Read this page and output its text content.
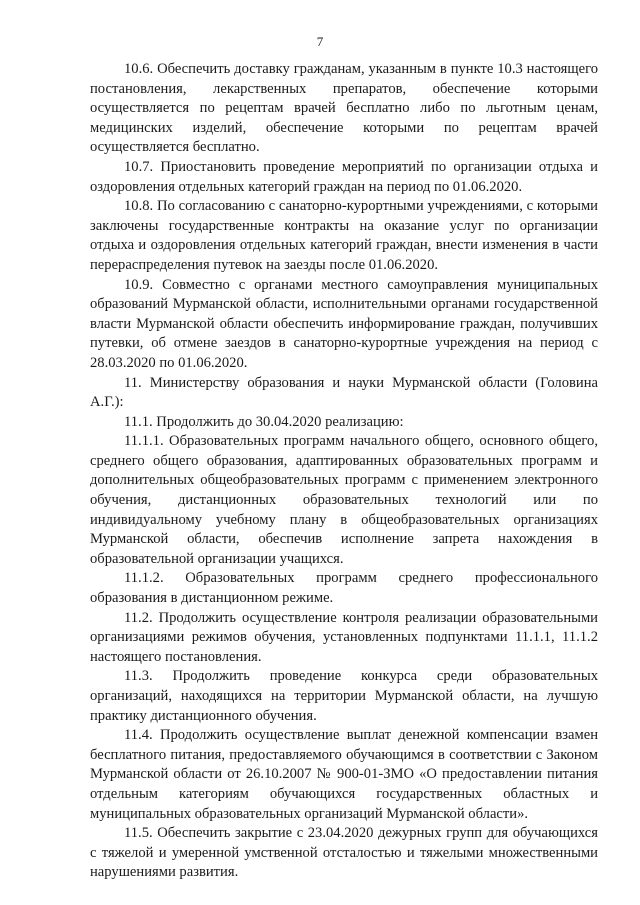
7

10.6. Обеспечить доставку гражданам, указанным в пункте 10.3 настоящего постановления, лекарственных препаратов, обеспечение которыми осуществляется по рецептам врачей бесплатно либо по льготным ценам, медицинских изделий, обеспечение которыми по рецептам врачей осуществляется бесплатно.

10.7. Приостановить проведение мероприятий по организации отдыха и оздоровления отдельных категорий граждан на период по 01.06.2020.

10.8. По согласованию с санаторно-курортными учреждениями, с которыми заключены государственные контракты на оказание услуг по организации отдыха и оздоровления отдельных категорий граждан, внести изменения в части перераспределения путевок на заезды после 01.06.2020.

10.9. Совместно с органами местного самоуправления муниципальных образований Мурманской области, исполнительными органами государственной власти Мурманской области обеспечить информирование граждан, получивших путевки, об отмене заездов в санаторно-курортные учреждения на период с 28.03.2020 по 01.06.2020.

11. Министерству образования и науки Мурманской области (Головина А.Г.):

11.1. Продолжить до 30.04.2020 реализацию:

11.1.1. Образовательных программ начального общего, основного общего, среднего общего образования, адаптированных образовательных программ и дополнительных общеобразовательных программ с применением электронного обучения, дистанционных образовательных технологий или по индивидуальному учебному плану в общеобразовательных организациях Мурманской области, обеспечив исполнение запрета нахождения в образовательной организации учащихся.

11.1.2. Образовательных программ среднего профессионального образования в дистанционном режиме.

11.2. Продолжить осуществление контроля реализации образовательными организациями режимов обучения, установленных подпунктами 11.1.1, 11.1.2 настоящего постановления.

11.3. Продолжить проведение конкурса среди образовательных организаций, находящихся на территории Мурманской области, на лучшую практику дистанционного обучения.

11.4. Продолжить осуществление выплат денежной компенсации взамен бесплатного питания, предоставляемого обучающимся в соответствии с Законом Мурманской области от 26.10.2007 № 900-01-ЗМО «О предоставлении питания отдельным категориям обучающихся государственных областных и муниципальных образовательных организаций Мурманской области».

11.5. Обеспечить закрытие с 23.04.2020 дежурных групп для обучающихся с тяжелой и умеренной умственной отсталостью и тяжелыми множественными нарушениями развития.
